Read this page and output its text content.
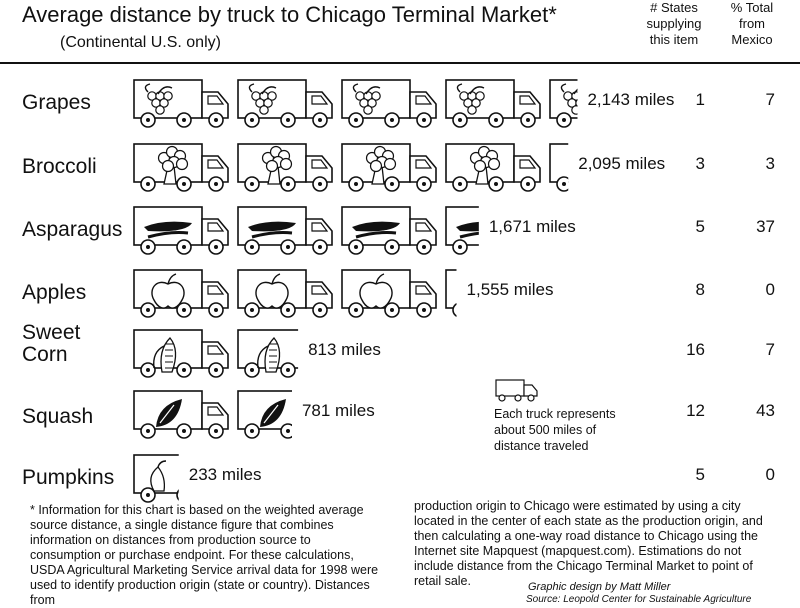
Average distance by truck to Chicago Terminal Market*
(Continental U.S. only)
# States
supplying
this item
% Total
from
Mexico
Grapes	2,143 miles	1	7
Broccoli	2,095 miles	3	3
Asparagus	1,671 miles	5	37
Apples	1,555 miles	8	0
Sweet
Corn	813 miles	16	7
Squash	781 miles	12	43
Pumpkins	233 miles	5	0
Each truck represents about 500 miles of distance traveled
* Information for this chart is based on the weighted average source distance, a single distance figure that combines information on distances from production source to consumption or purchase endpoint. For these calculations, USDA Agricultural Marketing Service arrival data for 1998 were used to identify production origin (state or country). Distances from
production origin to Chicago were estimated by using a city located in the center of each state as the production origin, and then calculating a one-way road distance to Chicago using the Internet site Mapquest (mapquest.com). Estimations do not include distance from the Chicago Terminal Market to point of retail sale.	Graphic design by Matt Miller
Source: Leopold Center for Sustainable Agriculture
